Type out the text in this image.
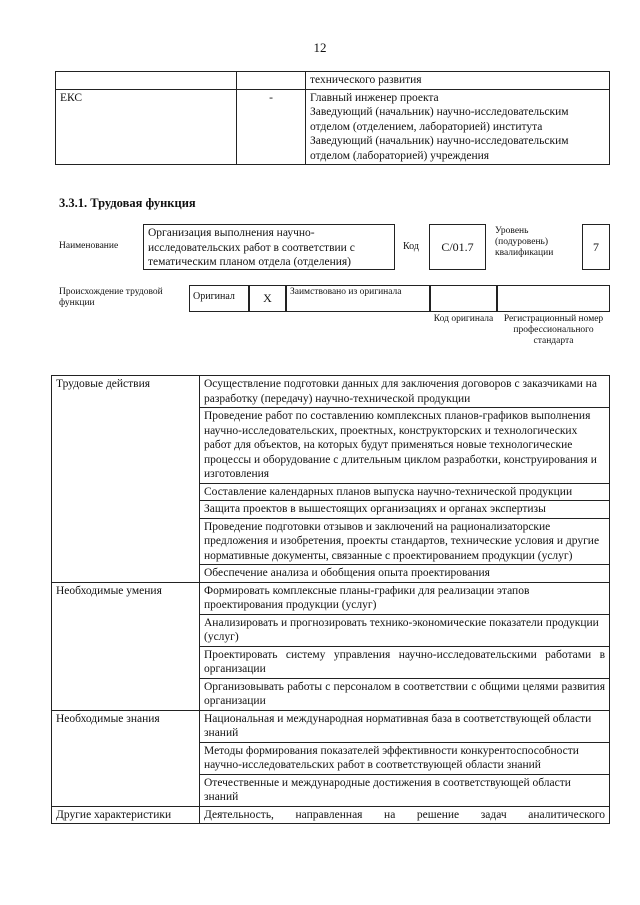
12

		технического развития

ЕКС	-	Главный инженер проекта
Заведующий (начальник) научно-исследовательским отделом (отделением, лабораторией) института
Заведующий (начальник) научно-исследовательским отделом (лабораторией) учреждения
3.3.1. Трудовая функция
Наименование
Организация выполнения научно-исследовательских работ в соответствии с тематическим планом отдела (отделения)
Код	С/01.7
Уровень (подуровень) квалификации	7
Происхождение трудовой функции
Оригинал	Х	Заимствовано из оригинала
Код оригинала	Регистрационный номер профессионального стандарта
Трудовые действия	Осуществление подготовки данных для заключения договоров с заказчиками на разработку (передачу) научно-технической продукции
	Проведение работ по составлению комплексных планов-графиков выполнения научно-исследовательских, проектных, конструкторских и технологических работ для объектов, на которых будут применяться новые технологические процессы и оборудование с длительным циклом разработки, конструирования и изготовления
	Составление календарных планов выпуска научно-технической продукции
	Защита проектов в вышестоящих организациях и органах экспертизы
	Проведение подготовки отзывов и заключений на рационализаторские предложения и изобретения, проекты стандартов, технические условия и другие нормативные документы, связанные с проектированием продукции (услуг)
	Обеспечение анализа и обобщения опыта проектирования
Необходимые умения	Формировать комплексные планы-графики для реализации этапов проектирования продукции (услуг)
	Анализировать и прогнозировать технико-экономические показатели продукции (услуг)
	Проектировать систему управления научно-исследовательскими работами в организации
	Организовывать работы с персоналом в соответствии с общими целями развития организации
Необходимые знания	Национальная и международная нормативная база в соответствующей области знаний
	Методы формирования показателей эффективности конкурентоспособности научно-исследовательских работ в соответствующей области знаний
	Отечественные и международные достижения в соответствующей области знаний
Другие характеристики	Деятельность, направленная на решение задач аналитического
